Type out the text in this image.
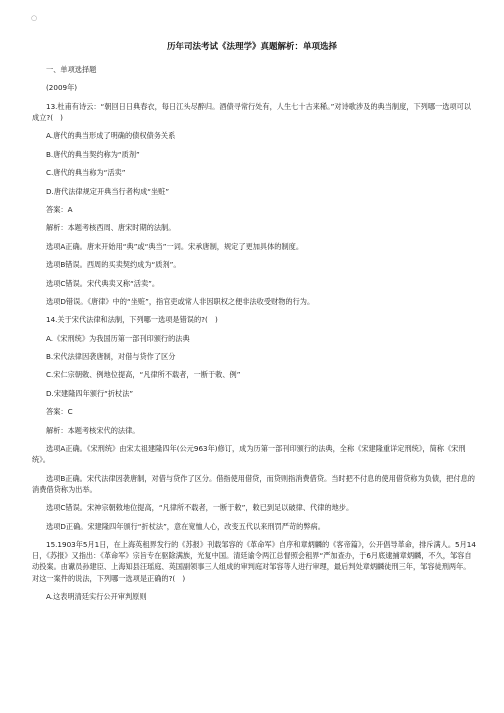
○
历年司法考试《法理学》真题解析：单项选择

一、单项选择题

(2009年)

13.杜甫有诗云：“朝回日日典春衣，每日江头尽醉归。酒债寻常行处有，人生七十古来稀。”对诗歌涉及的典当制度，下列哪一选项可以成立?(　)

A.唐代的典当形成了明确的债权债务关系

B.唐代的典当契约称为“质剂”

C.唐代的典当称为“活卖”

D.唐代法律规定开典当行者构成“坐赃”

答案：A

解析：本题考核西周、唐宋时期的法制。

选项A正确。唐末开始用“典”或“典当”一词。宋承唐制，规定了更加具体的制度。

选项B错误。西周的买卖契约成为“质剂”。

选项C错误。宋代典卖又称“活卖”。

选项D错误。《唐律》中的“坐赃”，指官吏或常人非因职权之便非法收受财物的行为。

14.关于宋代法律和法制，下列哪一选项是错误的?(　)

A.《宋刑统》为我国历第一部刊印颁行的法典

B.宋代法律因袭唐制，对借与贷作了区分

C.宋仁宗朝敕、例地位提高，“凡律所不载者，一断于敕、例”

D.宋建隆四年颁行“折杖法”

答案：C

解析：本题考核宋代的法律。

选项A正确。《宋刑统》由宋太祖建隆四年(公元963年)修订，成为历第一部刊印颁行的法典，全称《宋建隆重详定刑统》，简称《宋刑统》。

选项B正确。宋代法律因袭唐制，对借与贷作了区分。借指使用借贷，而贷则指消费借贷。当时把不付息的使用借贷称为负债，把付息的消费借贷称为出举。

选项C错误。宋神宗朝敕地位提高，“凡律所不载者，一断于敕”，敕已到足以破律、代律的地步。

选项D正确。宋建隆四年颁行“折杖法”，意在宽恤人心，改变五代以来刑罚严苛的弊病。

15.1903年5月1日，在上海英租界发行的《苏报》刊载邹容的《革命军》自序和章炳麟的《客帝篇》，公开倡导革命，排斥满人。5月14日，《苏报》又指出：《革命军》宗旨专在驱除满族，光复中国。清廷谕令两江总督照会租界“严加查办，于6月底逮捕章炳麟，不久，邹容自动投案。由谳员孙建臣、上海知县汪瑶庭、英国副领事三人组成的审判庭对邹容等人进行审理，最后判处章炳麟徒刑三年，邹容徒刑两年。对这一案件的说法，下列哪一选项是正确的?(　)

A.这表明清廷实行公开审判原则
